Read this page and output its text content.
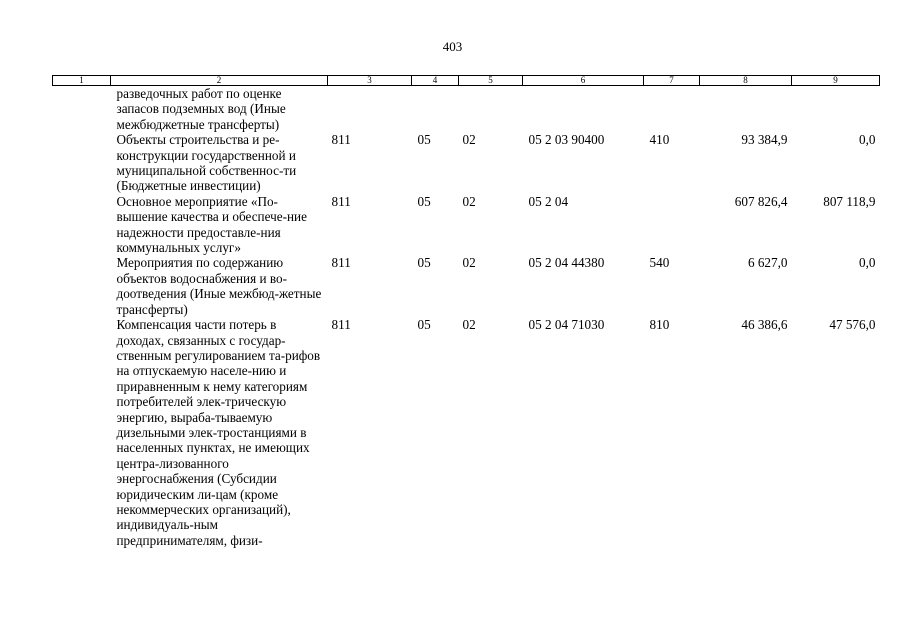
403
1	2	3	4	5	6	7	8	9
	разведочных работ по оценке запасов подземных вод (Иные межбюджетные трансферты)							
	Объекты строительства и ре-конструкции государственной и муниципальной собственнос-ти (Бюджетные инвестиции)	811	05	02	05 2 03 90400	410	93 384,9	0,0
	Основное мероприятие «По-вышение качества и обеспече-ние надежности предоставле-ния коммунальных услуг»	811	05	02	05 2 04		607 826,4	807 118,9
	Мероприятия по содержанию объектов водоснабжения и во-доотведения (Иные межбюд-жетные трансферты)	811	05	02	05 2 04 44380	540	6 627,0	0,0
	Компенсация части потерь в доходах, связанных с государ-ственным регулированием та-рифов на отпускаемую населе-нию и приравненным к нему категориям потребителей элек-трическую энергию, вырaба-тываемую дизельными элек-тростанциями в населенных пунктах, не имеющих центра-лизованного энергоснабжения (Субсидии юридическим ли-цам (кроме некоммерческих организаций), индивидуаль-ным предпринимателям, физи-	811	05	02	05 2 04 71030	810	46 386,6	47 576,0
